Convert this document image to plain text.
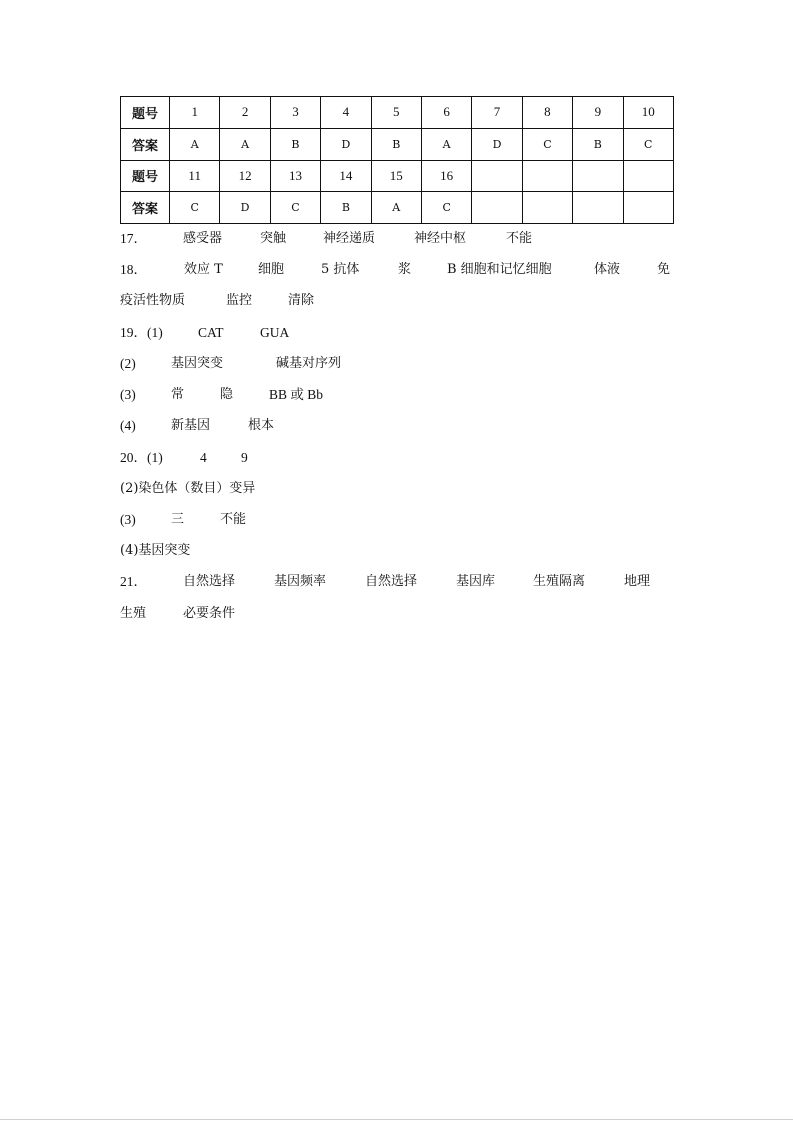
题号	1	2	3	4	5	6	7	8	9	10
答案	A	A	B	D	B	A	D	C	B	C
题号	11	12	13	14	15	16				
答案	C	D	C	B	A	C				
17．	感受器	突触	神经递质	神经中枢	不能
18．	效应 T	细胞	5 抗体	浆	B 细胞和记忆细胞	体液	免
疫活性物质	监控	清除
19．(1)	CAT	GUA
(2)	基因突变	碱基对序列
(3)	常	隐	BB 或 Bb
(4)	新基因	根本
20．(1)	4	9
(2)染色体（数目）变异
(3)	三	不能
(4)基因突变
21．	自然选择	基因频率	自然选择	基因库	生殖隔离	地理
生殖	必要条件
